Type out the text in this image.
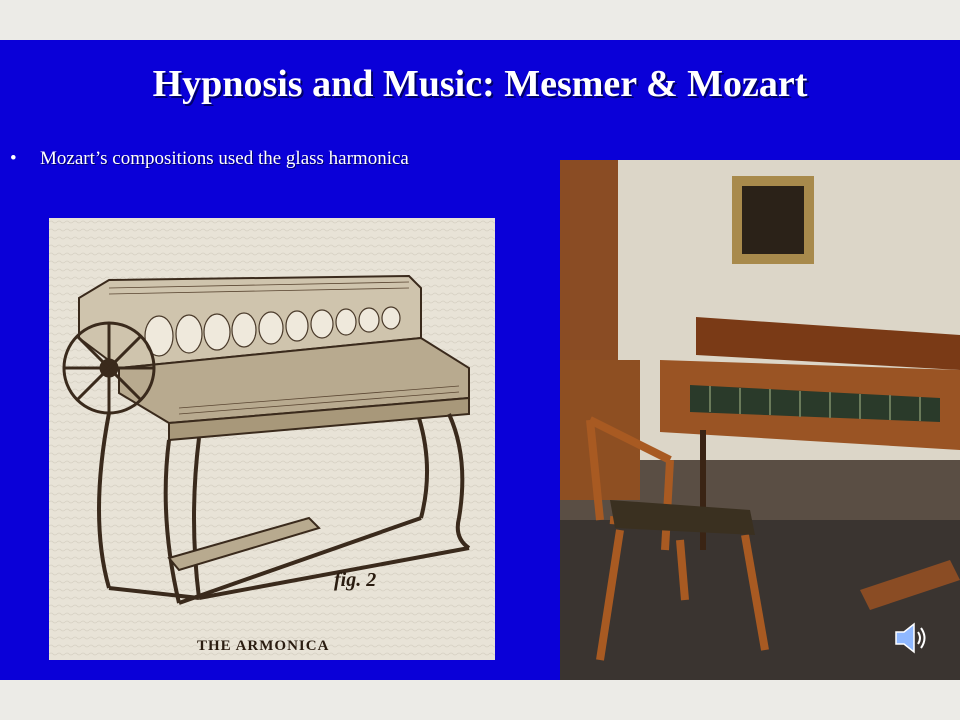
Hypnosis and Music: Mesmer & Mozart
• Mozart’s compositions used the glass harmonica
fig. 2
THE ARMONICA
